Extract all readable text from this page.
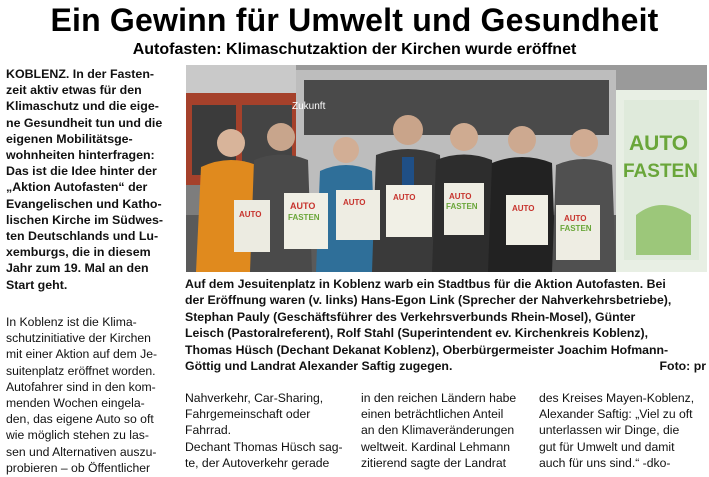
Ein Gewinn für Umwelt und Gesundheit
Autofasten: Klimaschutzaktion der Kirchen wurde eröffnet
KOBLENZ. In der Fasten-
zeit aktiv etwas für den
Klimaschutz und die eige-
ne Gesundheit tun und die
eigenen Mobilitätsge-
wohnheiten hinterfragen:
Das ist die Idee hinter der
„Aktion Autofasten“ der
Evangelischen und Katho-
lischen Kirche im Südwes-
ten Deutschlands und Lu-
xemburgs, die in diesem
Jahr zum 19. Mal an den
Start geht.
Zukunft
AUTO
FASTEN
AUTO
AUTO
FASTEN
AUTO
AUTO	AUTO
FASTEN	AUTO
AUTO
FASTEN
Auf dem Jesuitenplatz in Koblenz warb ein Stadtbus für die Aktion Autofasten. Bei
der Eröffnung waren (v. links) Hans-Egon Link (Sprecher der Nahverkehrsbetriebe),
Stephan Pauly (Geschäftsführer des Verkehrsverbunds Rhein-Mosel), Günter
Leisch (Pastoralreferent), Rolf Stahl (Superintendent ev. Kirchenkreis Koblenz),
Thomas Hüsch (Dechant Dekanat Koblenz), Oberbürgermeister Joachim Hofmann-
Göttig und Landrat Alexander Saftig zugegen.	Foto: pr
In Koblenz ist die Klima-
schutzinitiative der Kirchen
mit einer Aktion auf dem Je-
suitenplatz eröffnet worden.
Autofahrer sind in den kom-
menden Wochen eingela-
den, das eigene Auto so oft
wie möglich stehen zu las-
sen und Alternativen auszu-
probieren – ob Öffentlicher
Nahverkehr, Car-Sharing,
Fahrgemeinschaft oder
Fahrrad.
Dechant Thomas Hüsch sag-
te, der Autoverkehr gerade
in den reichen Ländern habe
einen beträchtlichen Anteil
an den Klimaveränderungen
weltweit. Kardinal Lehmann
zitierend sagte der Landrat
des Kreises Mayen-Koblenz,
Alexander Saftig: „Viel zu oft
unterlassen wir Dinge, die
gut für Umwelt und damit
auch für uns sind.“ -dko-
